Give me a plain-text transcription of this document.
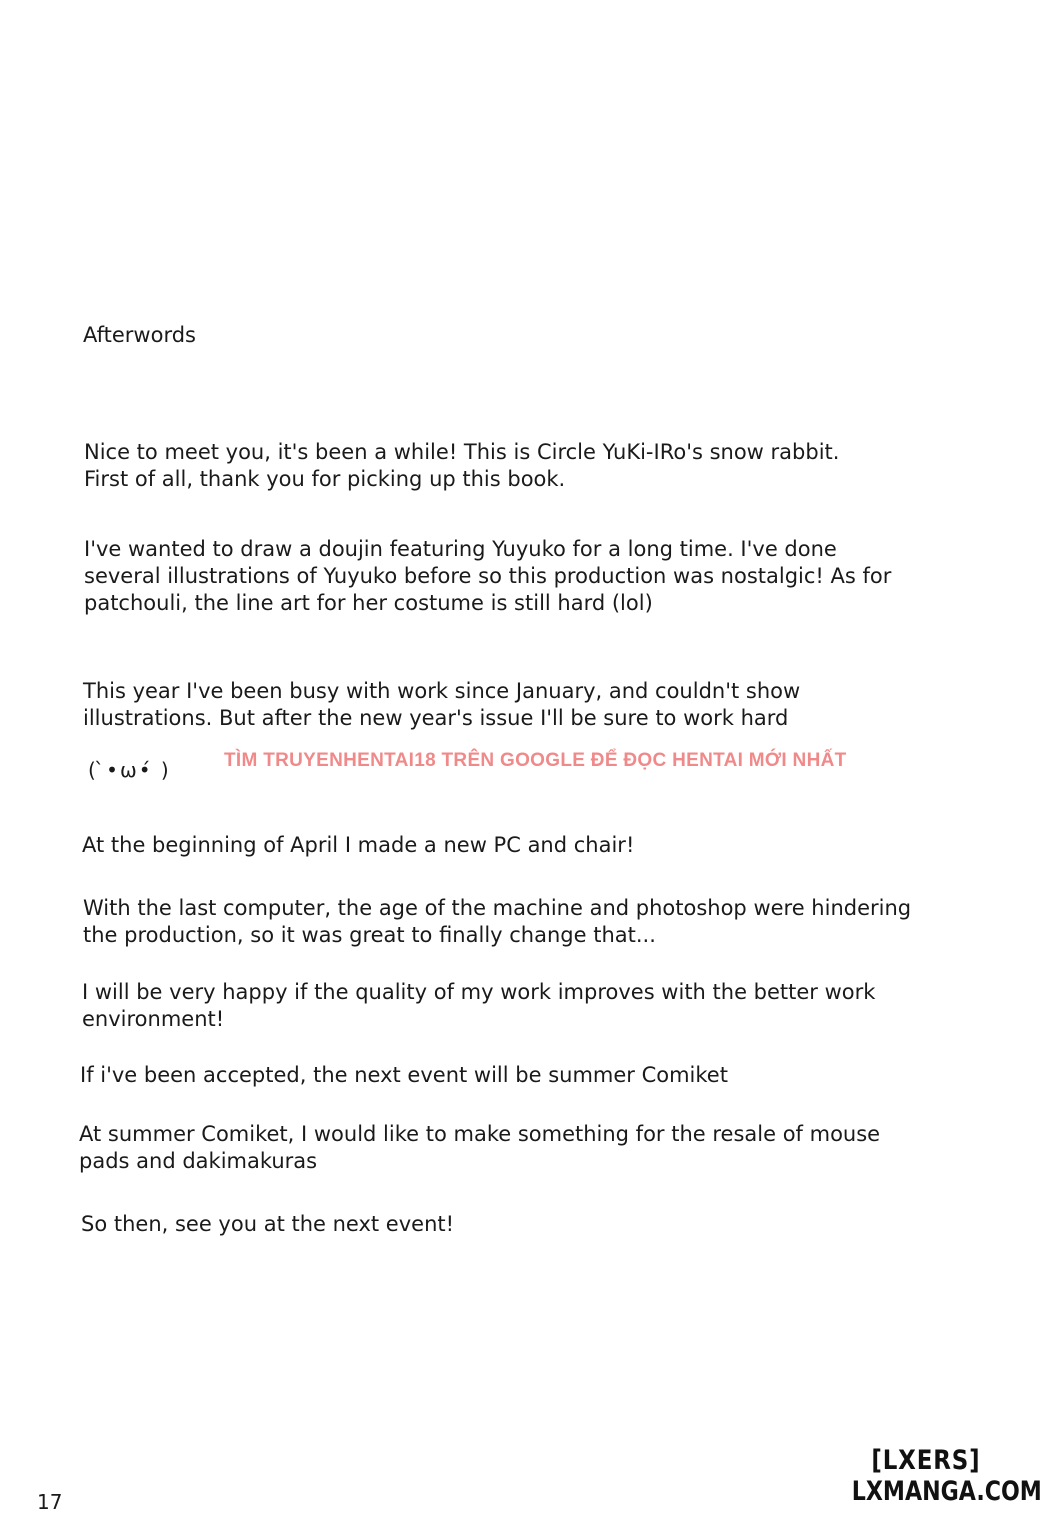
Afterwords

Nice to meet you, it's been a while! This is Circle YuKi-IRo's snow rabbit.
First of all, thank you for picking up this book.

I've wanted to draw a doujin featuring Yuyuko for a long time. I've done
several illustrations of Yuyuko before so this production was nostalgic! As for
patchouli, the line art for her costume is still hard (lol)

This year I've been busy with work since January, and couldn't show
illustrations. But after the new year's issue I'll be sure to work hard

( ̀•ω•́ )	TÌM TRUYENHENTAI18 TRÊN GOOGLE ĐỂ ĐỌC HENTAI MỚI NHẤT

At the beginning of April I made a new PC and chair!

With the last computer, the age of the machine and photoshop were hindering
the production, so it was great to finally change that...

I will be very happy if the quality of my work improves with the better work
environment!

If i've been accepted, the next event will be summer Comiket

At summer Comiket, I would like to make something for the resale of mouse
pads and dakimakuras

So then, see you at the next event!

17
[LXERS]
LXMANGA.COM
